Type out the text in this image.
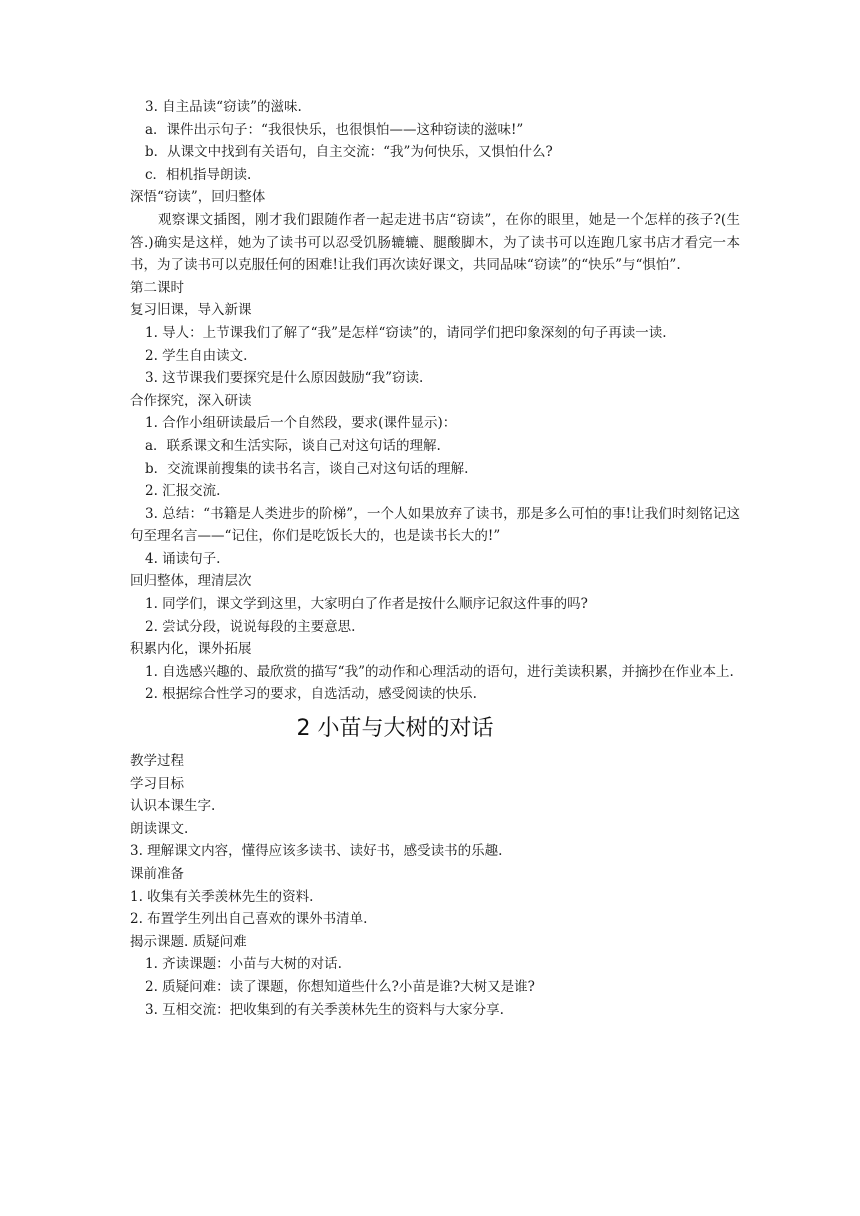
3. 自主品读“窃读”的滋味.
a．课件出示句子：“我很快乐，也很惧怕——这种窃读的滋味!”
b．从课文中找到有关语句，自主交流：“我”为何快乐，又惧怕什么?
c．相机指导朗读.
深悟“窃读”，回归整体
观察课文插图，刚才我们跟随作者一起走进书店“窃读”，在你的眼里，她是一个怎样的孩子?(生答.)确实是这样，她为了读书可以忍受饥肠辘辘、腿酸脚木，为了读书可以连跑几家书店才看完一本书，为了读书可以克服任何的困难!让我们再次读好课文，共同品味“窃读”的“快乐”与“惧怕”.
第二课时
复习旧课，导入新课
1. 导人：上节课我们了解了“我”是怎样“窃读”的，请同学们把印象深刻的句子再读一读.
2. 学生自由读文.
3. 这节课我们要探究是什么原因鼓励“我”窃读.
合作探究，深入研读
1. 合作小组研读最后一个自然段，要求(课件显示)：
a．联系课文和生活实际，谈自己对这句话的理解.
b．交流课前搜集的读书名言，谈自己对这句话的理解.
2. 汇报交流.
3. 总结：“书籍是人类进步的阶梯”，一个人如果放弃了读书，那是多么可怕的事!让我们时刻铭记这句至理名言——“记住，你们是吃饭长大的，也是读书长大的!”
4. 诵读句子.
回归整体，理清层次
1. 同学们，课文学到这里，大家明白了作者是按什么顺序记叙这件事的吗?
2. 尝试分段，说说每段的主要意思.
积累内化，课外拓展
1. 自选感兴趣的、最欣赏的描写“我”的动作和心理活动的语句，进行美读积累，并摘抄在作业本上.
2. 根据综合性学习的要求，自选活动，感受阅读的快乐.
2 小苗与大树的对话
教学过程
学习目标
认识本课生字.
朗读课文.
3. 理解课文内容，懂得应该多读书、读好书，感受读书的乐趣.
课前准备
1. 收集有关季羡林先生的资料.
2. 布置学生列出自己喜欢的课外书清单.
揭示课题. 质疑问难
1. 齐读课题：小苗与大树的对话.
2. 质疑问难：读了课题，你想知道些什么?小苗是谁?大树又是谁?
3. 互相交流：把收集到的有关季羡林先生的资料与大家分享.
